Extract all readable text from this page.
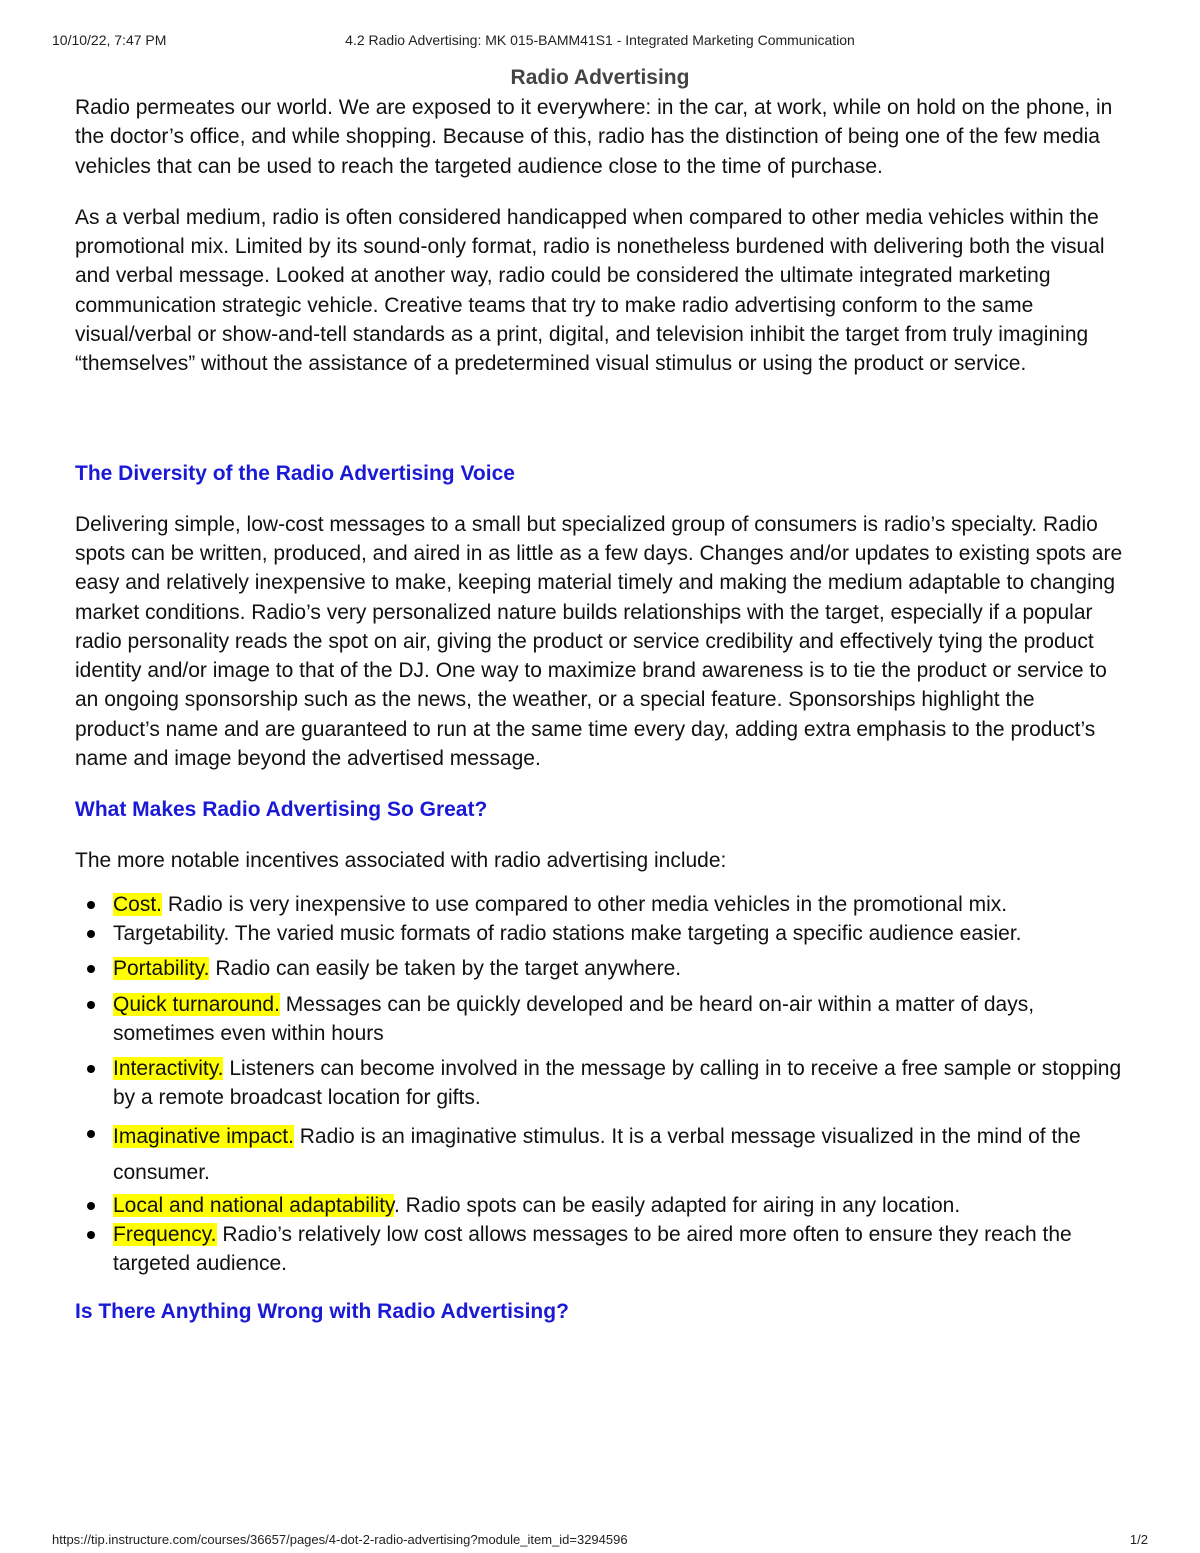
10/10/22, 7:47 PM	4.2 Radio Advertising: MK 015-BAMM41S1 - Integrated Marketing Communication
Radio Advertising

Radio permeates our world. We are exposed to it everywhere: in the car, at work, while on hold on the phone, in the doctor’s office, and while shopping. Because of this, radio has the distinction of being one of the few media vehicles that can be used to reach the targeted audience close to the time of purchase.

As a verbal medium, radio is often considered handicapped when compared to other media vehicles within the promotional mix. Limited by its sound-only format, radio is nonetheless burdened with delivering both the visual and verbal message. Looked at another way, radio could be considered the ultimate integrated marketing communication strategic vehicle. Creative teams that try to make radio advertising conform to the same visual/verbal or show-and-tell standards as a print, digital, and television inhibit the target from truly imagining “themselves” without the assistance of a predetermined visual stimulus or using the product or service.

The Diversity of the Radio Advertising Voice

Delivering simple, low-cost messages to a small but specialized group of consumers is radio’s specialty. Radio spots can be written, produced, and aired in as little as a few days. Changes and/or updates to existing spots are easy and relatively inexpensive to make, keeping material timely and making the medium adaptable to changing market conditions. Radio’s very personalized nature builds relationships with the target, especially if a popular radio personality reads the spot on air, giving the product or service credibility and effectively tying the product identity and/or image to that of the DJ. One way to maximize brand awareness is to tie the product or service to an ongoing sponsorship such as the news, the weather, or a special feature. Sponsorships highlight the product’s name and are guaranteed to run at the same time every day, adding extra emphasis to the product’s name and image beyond the advertised message.

What Makes Radio Advertising So Great?

The more notable incentives associated with radio advertising include:

Cost. Radio is very inexpensive to use compared to other media vehicles in the promotional mix.
Targetability. The varied music formats of radio stations make targeting a specific audience easier.
Portability. Radio can easily be taken by the target anywhere.
Quick turnaround. Messages can be quickly developed and be heard on-air within a matter of days, sometimes even within hours
Interactivity. Listeners can become involved in the message by calling in to receive a free sample or stopping by a remote broadcast location for gifts.
Imaginative impact. Radio is an imaginative stimulus. It is a verbal message visualized in the mind of the consumer.
Local and national adaptability. Radio spots can be easily adapted for airing in any location.
Frequency. Radio’s relatively low cost allows messages to be aired more often to ensure they reach the targeted audience.
Is There Anything Wrong with Radio Advertising?
https://tip.instructure.com/courses/36657/pages/4-dot-2-radio-advertising?module_item_id=3294596	1/2
